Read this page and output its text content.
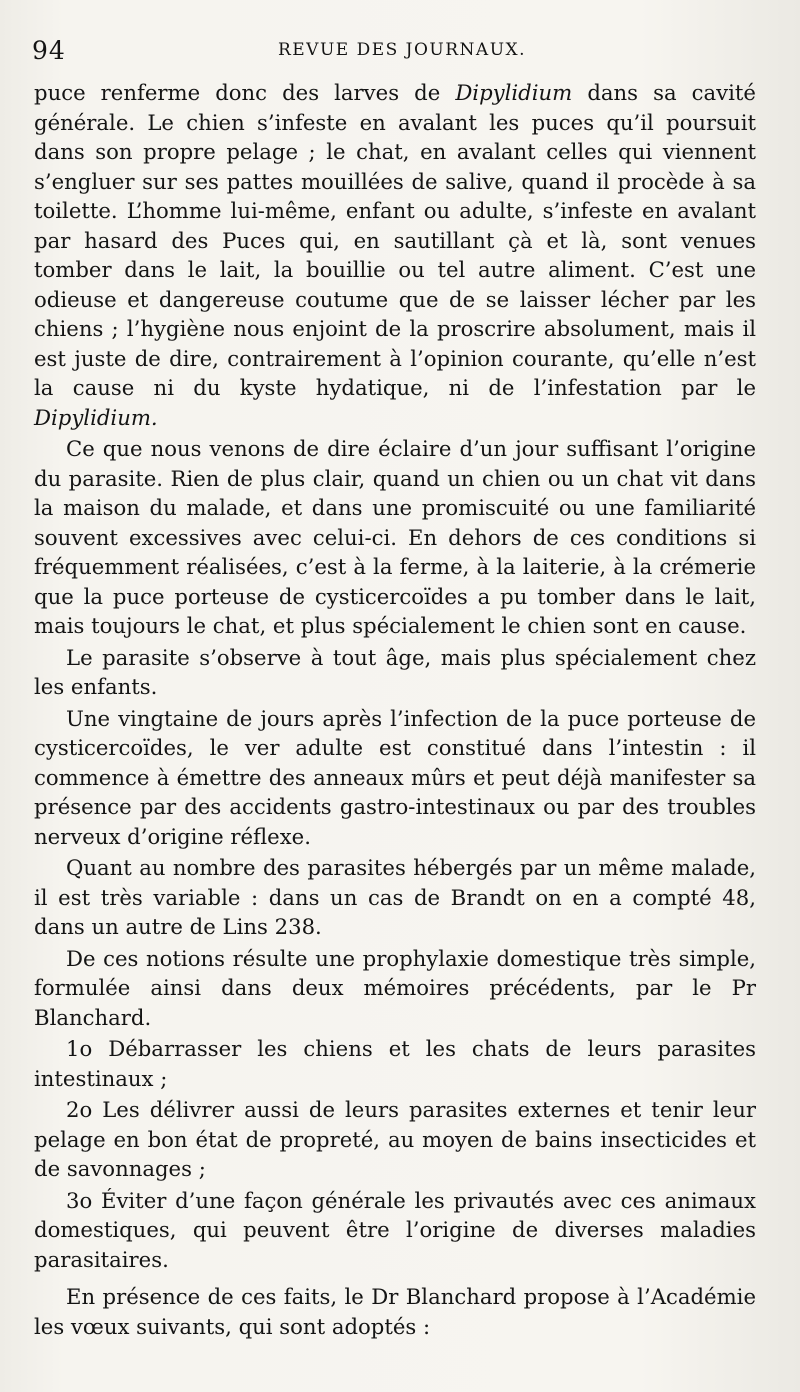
94	REVUE DES JOURNAUX.

puce renferme donc des larves de Dipylidium dans sa cavité générale. Le chien s’infeste en avalant les puces qu’il poursuit dans son propre pelage ; le chat, en avalant celles qui viennent s’engluer sur ses pattes mouillées de salive, quand il procède à sa toilette. L’homme lui-même, enfant ou adulte, s’infeste en avalant par hasard des Puces qui, en sautillant çà et là, sont venues tomber dans le lait, la bouillie ou tel autre aliment. C’est une odieuse et dangereuse coutume que de se laisser lécher par les chiens ; l’hygiène nous enjoint de la proscrire absolument, mais il est juste de dire, contrairement à l’opinion courante, qu’elle n’est la cause ni du kyste hydatique, ni de l’infestation par le Dipylidium.

Ce que nous venons de dire éclaire d’un jour suffisant l’origine du parasite. Rien de plus clair, quand un chien ou un chat vit dans la maison du malade, et dans une promiscuité ou une familiarité souvent excessives avec celui-ci. En dehors de ces conditions si fréquemment réalisées, c’est à la ferme, à la laiterie, à la crémerie que la puce porteuse de cysticercoïdes a pu tomber dans le lait, mais toujours le chat, et plus spécialement le chien sont en cause.

Le parasite s’observe à tout âge, mais plus spécialement chez les enfants.

Une vingtaine de jours après l’infection de la puce porteuse de cysticercoïdes, le ver adulte est constitué dans l’intestin : il commence à émettre des anneaux mûrs et peut déjà manifester sa présence par des accidents gastro-intestinaux ou par des troubles nerveux d’origine réflexe.

Quant au nombre des parasites hébergés par un même malade, il est très variable : dans un cas de Brandt on en a compté 48, dans un autre de Lins 238.

De ces notions résulte une prophylaxie domestique très simple, formulée ainsi dans deux mémoires précédents, par le Pr Blanchard.

1o Débarrasser les chiens et les chats de leurs parasites intestinaux ;

2o Les délivrer aussi de leurs parasites externes et tenir leur pelage en bon état de propreté, au moyen de bains insecticides et de savonnages ;

3o Éviter d’une façon générale les privautés avec ces animaux domestiques, qui peuvent être l’origine de diverses maladies parasitaires.

En présence de ces faits, le Dr Blanchard propose à l’Académie les vœux suivants, qui sont adoptés :
